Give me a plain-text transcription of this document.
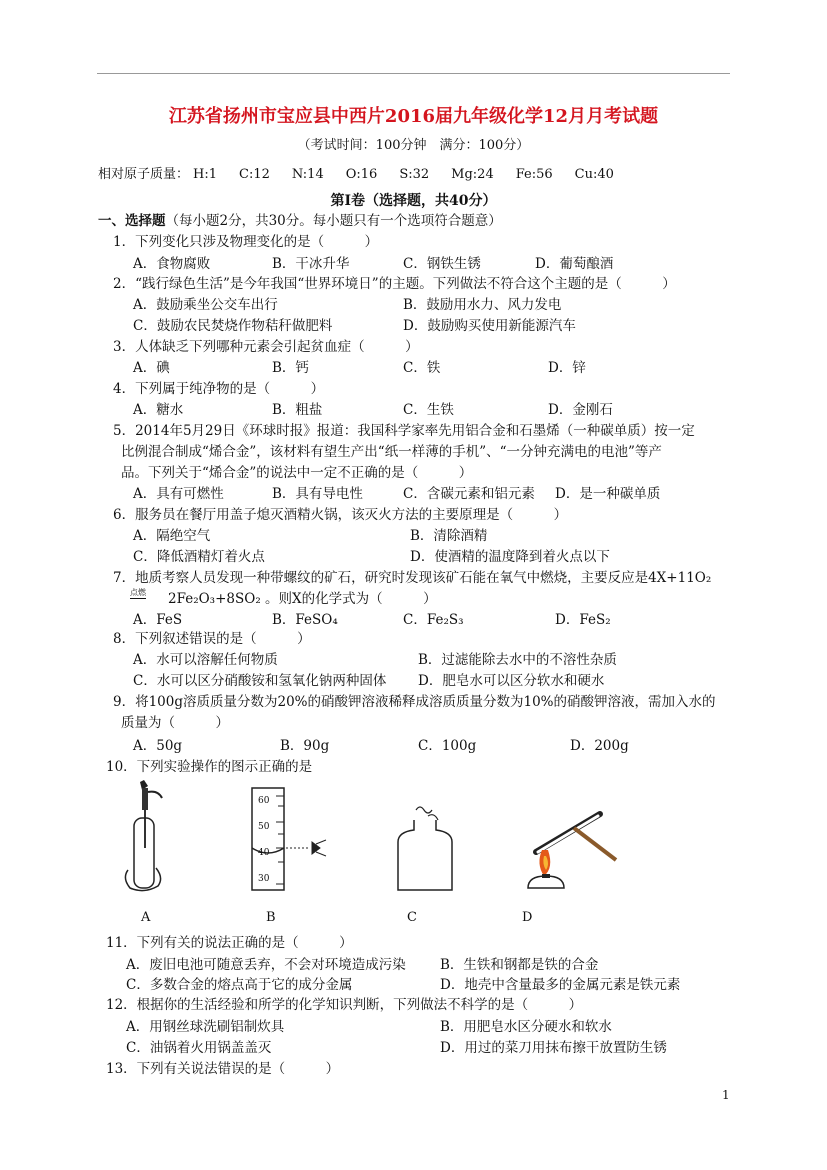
江苏省扬州市宝应县中西片2016届九年级化学12月月考试题
（考试时间：100分钟　满分：100分）
相对原子质量： H:1 C:12 N:14 O:16 S:32 Mg:24 Fe:56 Cu:40
第Ⅰ卷（选择题，共40分）
一、选择题（每小题2分，共30分。每小题只有一个选项符合题意）
1．下列变化只涉及物理变化的是（　　　）
A．食物腐败	B．干冰升华	C．钢铁生锈	D．葡萄酿酒
2．“践行绿色生活”是今年我国“世界环境日”的主题。下列做法不符合这个主题的是（　　　）
A．鼓励乘坐公交车出行	B．鼓励用水力、风力发电
C．鼓励农民焚烧作物秸秆做肥料	D．鼓励购买使用新能源汽车
3．人体缺乏下列哪种元素会引起贫血症（　　　）
A．碘	B．钙	C．铁	D．锌
4．下列属于纯净物的是（　　　）
A．糖水	B．粗盐	C．生铁	D．金刚石
5．2014年5月29日《环球时报》报道：我国科学家率先用铝合金和石墨烯（一种碳单质）按一定
比例混合制成“烯合金”，该材料有望生产出“纸一样薄的手机”、“一分钟充满电的电池”等产
品。下列关于“烯合金”的说法中一定不正确的是（　　　）
A．具有可燃性	B．具有导电性	C．含碳元素和铝元素 D．是一种碳单质
6．服务员在餐厅用盖子熄灭酒精火锅，该灭火方法的主要原理是（　　　）
A．隔绝空气	B．清除酒精
C．降低酒精灯着火点	D．使酒精的温度降到着火点以下
7．地质考察人员发现一种带螺纹的矿石，研究时发现该矿石能在氧气中燃烧，主要反应是4X+11O₂
点燃 2Fe₂O₃+8SO₂ 。则X的化学式为（　　　）
A．FeS	B．FeSO₄	C．Fe₂S₃	D．FeS₂
8．下列叙述错误的是（　　　）
A．水可以溶解任何物质	B．过滤能除去水中的不溶性杂质
C．水可以区分硝酸铵和氢氧化钠两种固体 D．肥皂水可以区分软水和硬水
9．将100g溶质质量分数为20%的硝酸钾溶液稀释成溶质质量分数为10%的硝酸钾溶液，需加入水的
质量为（　　　）
A．50g	B．90g	C．100g	D．200g
10．下列实验操作的图示正确的是
A
60
50
40
30
B	C	D
11．下列有关的说法正确的是（　　　）
A．废旧电池可随意丢弃，不会对环境造成污染	B．生铁和钢都是铁的合金
C．多数合金的熔点高于它的成分金属	D．地壳中含量最多的金属元素是铁元素
12．根据你的生活经验和所学的化学知识判断，下列做法不科学的是（　　　）
A．用钢丝球洗刷铝制炊具	B．用肥皂水区分硬水和软水
C．油锅着火用锅盖盖灭	D．用过的菜刀用抹布擦干放置防生锈
13．下列有关说法错误的是（　　　）
1
